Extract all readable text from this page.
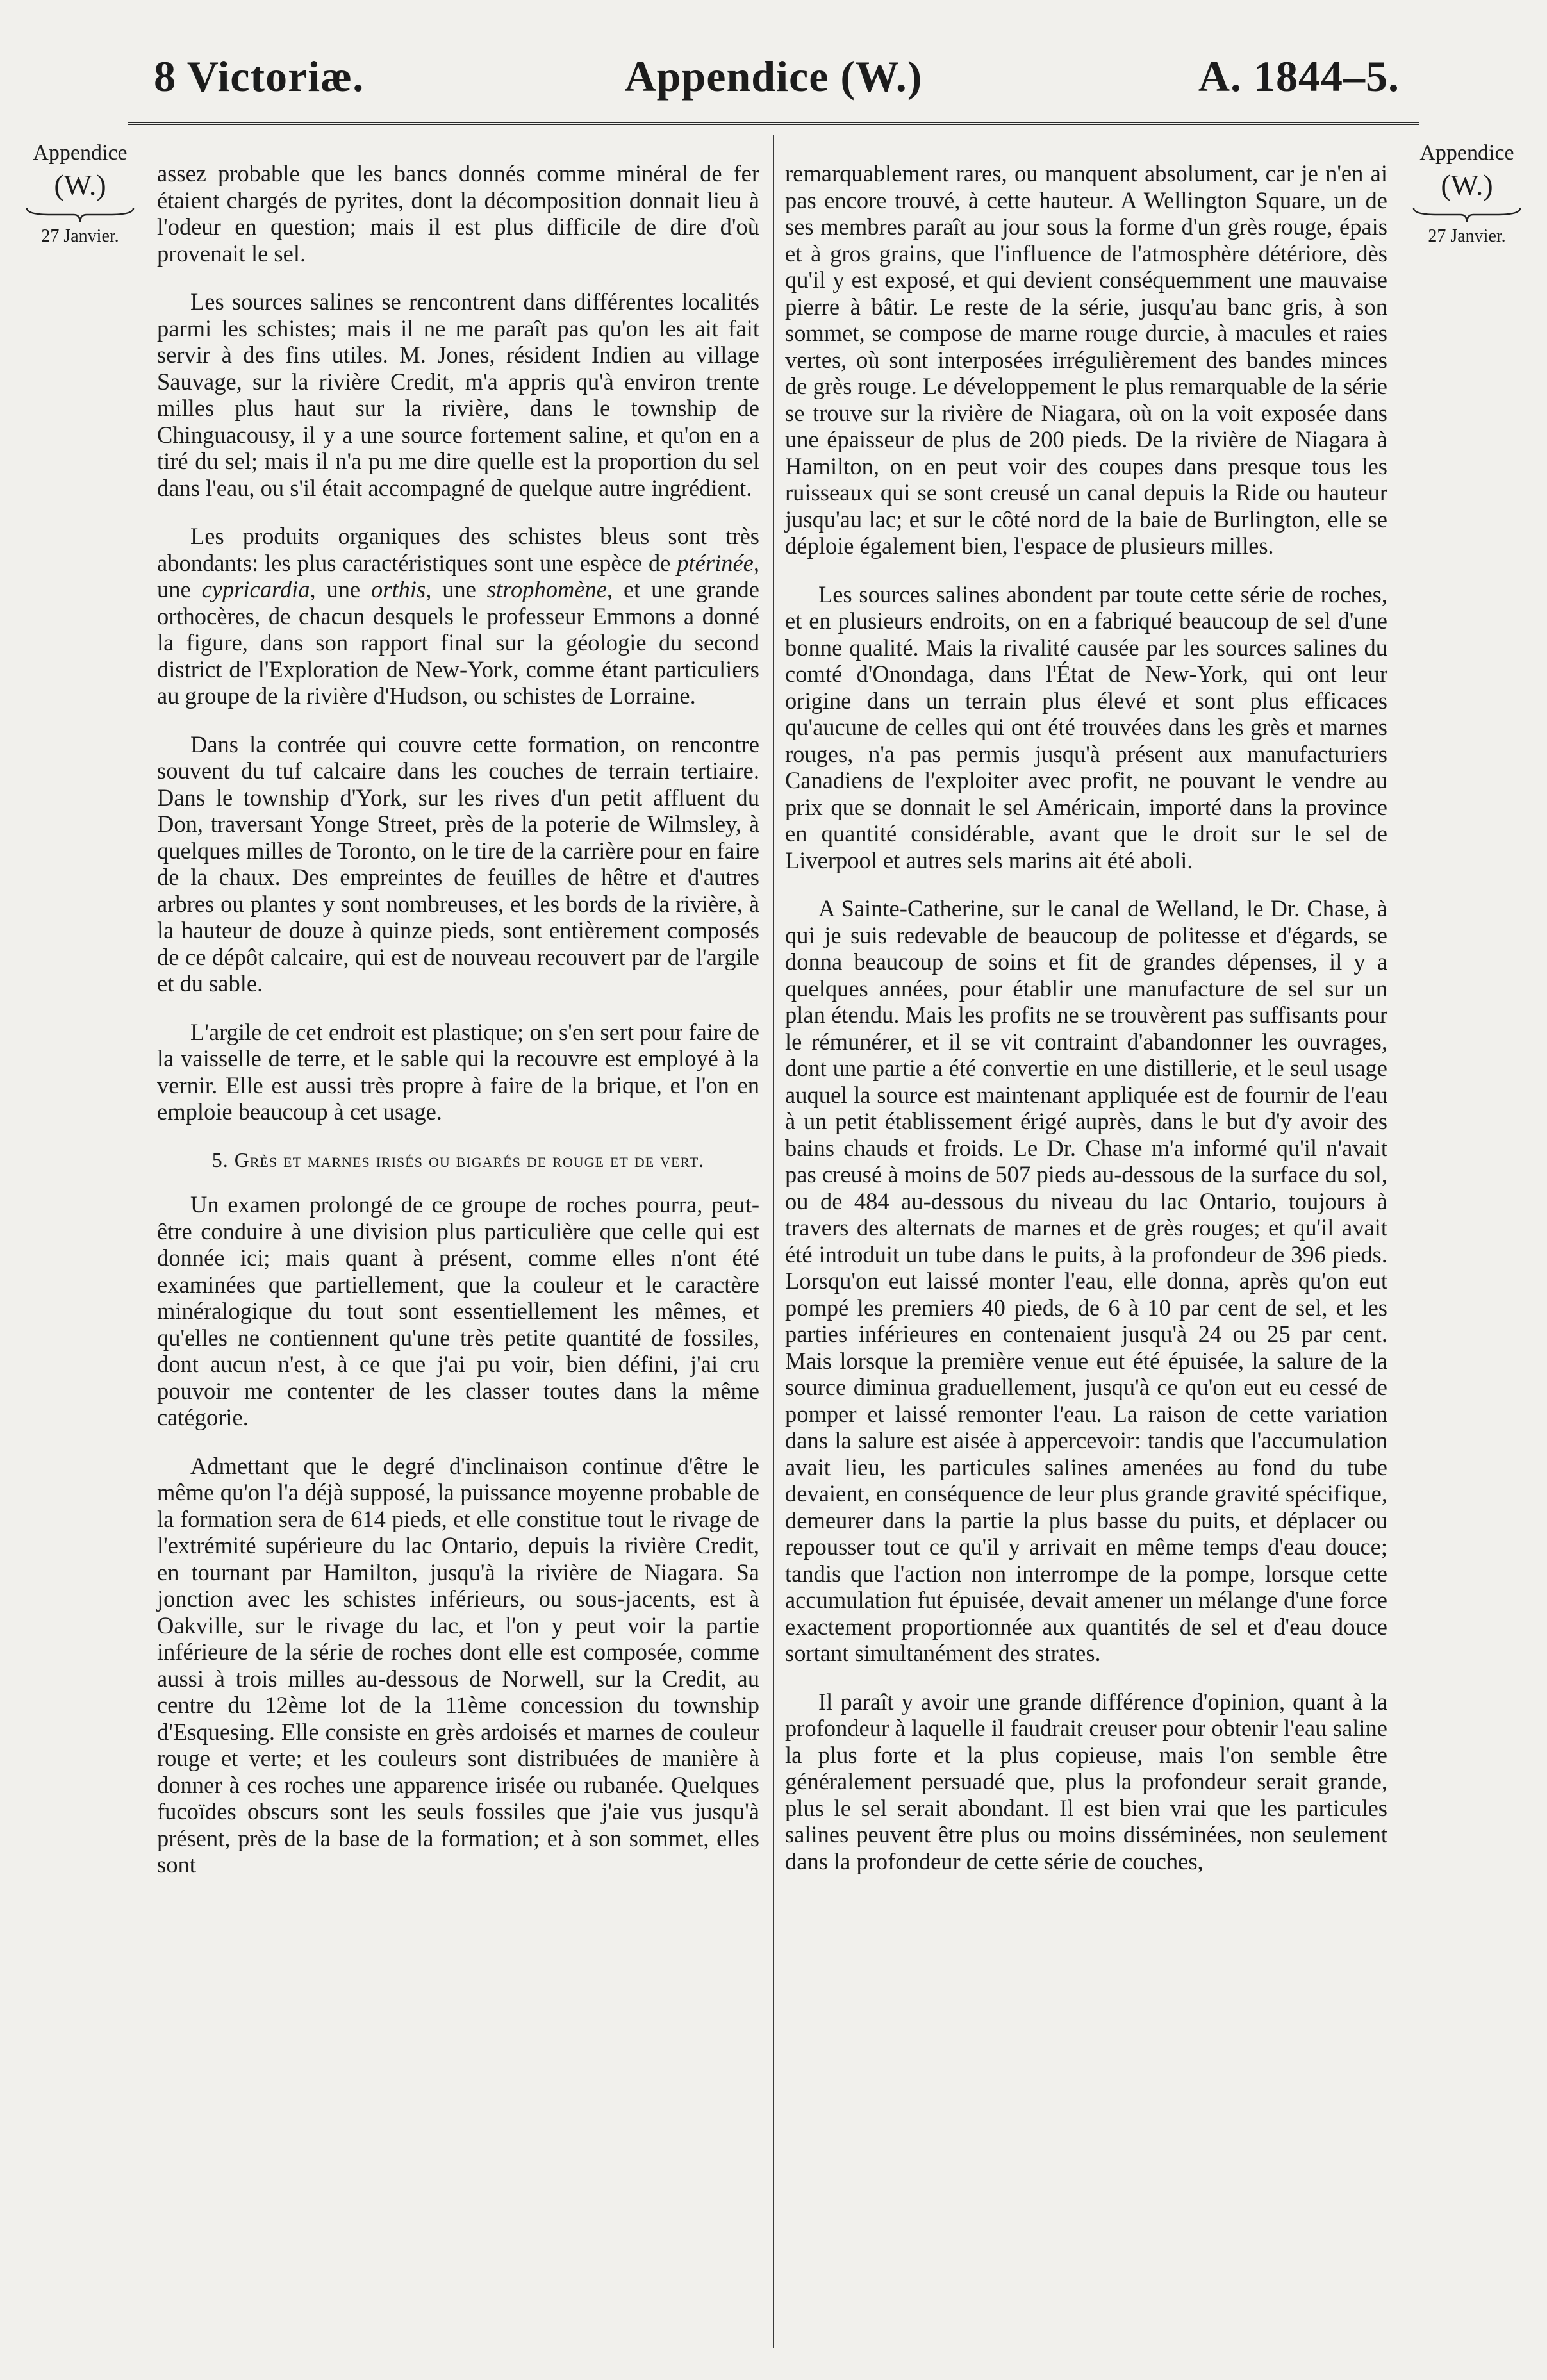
8 Victoriæ.	Appendice (W.)	A. 1844–5.
Appendice
(W.)
27 Janvier.
Appendice
(W.)
27 Janvier.

assez probable que les bancs donnés comme minéral de fer étaient chargés de pyrites, dont la décomposition donnait lieu à l'odeur en question; mais il est plus difficile de dire d'où provenait le sel.

Les sources salines se rencontrent dans différentes localités parmi les schistes; mais il ne me paraît pas qu'on les ait fait servir à des fins utiles. M. Jones, résident Indien au village Sauvage, sur la rivière Credit, m'a appris qu'à environ trente milles plus haut sur la rivière, dans le township de Chinguacousy, il y a une source fortement saline, et qu'on en a tiré du sel; mais il n'a pu me dire quelle est la proportion du sel dans l'eau, ou s'il était accompagné de quelque autre ingrédient.

Les produits organiques des schistes bleus sont très abondants: les plus caractéristiques sont une espèce de ptérinée, une cypricardia, une orthis, une strophomène, et une grande orthocères, de chacun desquels le professeur Emmons a donné la figure, dans son rapport final sur la géologie du second district de l'Exploration de New-York, comme étant particuliers au groupe de la rivière d'Hudson, ou schistes de Lorraine.

Dans la contrée qui couvre cette formation, on rencontre souvent du tuf calcaire dans les couches de terrain tertiaire. Dans le township d'York, sur les rives d'un petit affluent du Don, traversant Yonge Street, près de la poterie de Wilmsley, à quelques milles de Toronto, on le tire de la carrière pour en faire de la chaux. Des empreintes de feuilles de hêtre et d'autres arbres ou plantes y sont nombreuses, et les bords de la rivière, à la hauteur de douze à quinze pieds, sont entièrement composés de ce dépôt calcaire, qui est de nouveau recouvert par de l'argile et du sable.

L'argile de cet endroit est plastique; on s'en sert pour faire de la vaisselle de terre, et le sable qui la recouvre est employé à la vernir. Elle est aussi très propre à faire de la brique, et l'on en emploie beaucoup à cet usage.

5. Grès et marnes irisés ou bigarés de rouge et de vert.

Un examen prolongé de ce groupe de roches pourra, peut-être conduire à une division plus particulière que celle qui est donnée ici; mais quant à présent, comme elles n'ont été examinées que partiellement, que la couleur et le caractère minéralogique du tout sont essentiellement les mêmes, et qu'elles ne contiennent qu'une très petite quantité de fossiles, dont aucun n'est, à ce que j'ai pu voir, bien défini, j'ai cru pouvoir me contenter de les classer toutes dans la même catégorie.

Admettant que le degré d'inclinaison continue d'être le même qu'on l'a déjà supposé, la puissance moyenne probable de la formation sera de 614 pieds, et elle constitue tout le rivage de l'extrémité supérieure du lac Ontario, depuis la rivière Credit, en tournant par Hamilton, jusqu'à la rivière de Niagara. Sa jonction avec les schistes inférieurs, ou sous-jacents, est à Oakville, sur le rivage du lac, et l'on y peut voir la partie inférieure de la série de roches dont elle est composée, comme aussi à trois milles au-dessous de Norwell, sur la Credit, au centre du 12ème lot de la 11ème concession du township d'Esquesing. Elle consiste en grès ardoisés et marnes de couleur rouge et verte; et les couleurs sont distribuées de manière à donner à ces roches une apparence irisée ou rubanée. Quelques fucoïdes obscurs sont les seuls fossiles que j'aie vus jusqu'à présent, près de la base de la formation; et à son sommet, elles sont

remarquablement rares, ou manquent absolument, car je n'en ai pas encore trouvé, à cette hauteur. A Wellington Square, un de ses membres paraît au jour sous la forme d'un grès rouge, épais et à gros grains, que l'influence de l'atmosphère détériore, dès qu'il y est exposé, et qui devient conséquemment une mauvaise pierre à bâtir. Le reste de la série, jusqu'au banc gris, à son sommet, se compose de marne rouge durcie, à macules et raies vertes, où sont interposées irrégulièrement des bandes minces de grès rouge. Le développement le plus remarquable de la série se trouve sur la rivière de Niagara, où on la voit exposée dans une épaisseur de plus de 200 pieds. De la rivière de Niagara à Hamilton, on en peut voir des coupes dans presque tous les ruisseaux qui se sont creusé un canal depuis la Ride ou hauteur jusqu'au lac; et sur le côté nord de la baie de Burlington, elle se déploie également bien, l'espace de plusieurs milles.

Les sources salines abondent par toute cette série de roches, et en plusieurs endroits, on en a fabriqué beaucoup de sel d'une bonne qualité. Mais la rivalité causée par les sources salines du comté d'Onondaga, dans l'État de New-York, qui ont leur origine dans un terrain plus élevé et sont plus efficaces qu'aucune de celles qui ont été trouvées dans les grès et marnes rouges, n'a pas permis jusqu'à présent aux manufacturiers Canadiens de l'exploiter avec profit, ne pouvant le vendre au prix que se donnait le sel Américain, importé dans la province en quantité considérable, avant que le droit sur le sel de Liverpool et autres sels marins ait été aboli.

A Sainte-Catherine, sur le canal de Welland, le Dr. Chase, à qui je suis redevable de beaucoup de politesse et d'égards, se donna beaucoup de soins et fit de grandes dépenses, il y a quelques années, pour établir une manufacture de sel sur un plan étendu. Mais les profits ne se trouvèrent pas suffisants pour le rémunérer, et il se vit contraint d'abandonner les ouvrages, dont une partie a été convertie en une distillerie, et le seul usage auquel la source est maintenant appliquée est de fournir de l'eau à un petit établissement érigé auprès, dans le but d'y avoir des bains chauds et froids. Le Dr. Chase m'a informé qu'il n'avait pas creusé à moins de 507 pieds au-dessous de la surface du sol, ou de 484 au-dessous du niveau du lac Ontario, toujours à travers des alternats de marnes et de grès rouges; et qu'il avait été introduit un tube dans le puits, à la profondeur de 396 pieds. Lorsqu'on eut laissé monter l'eau, elle donna, après qu'on eut pompé les premiers 40 pieds, de 6 à 10 par cent de sel, et les parties inférieures en contenaient jusqu'à 24 ou 25 par cent. Mais lorsque la première venue eut été épuisée, la salure de la source diminua graduellement, jusqu'à ce qu'on eut eu cessé de pomper et laissé remonter l'eau. La raison de cette variation dans la salure est aisée à appercevoir: tandis que l'accumulation avait lieu, les particules salines amenées au fond du tube devaient, en conséquence de leur plus grande gravité spécifique, demeurer dans la partie la plus basse du puits, et déplacer ou repousser tout ce qu'il y arrivait en même temps d'eau douce; tandis que l'action non interrompe de la pompe, lorsque cette accumulation fut épuisée, devait amener un mélange d'une force exactement proportionnée aux quantités de sel et d'eau douce sortant simultanément des strates.

Il paraît y avoir une grande différence d'opinion, quant à la profondeur à laquelle il faudrait creuser pour obtenir l'eau saline la plus forte et la plus copieuse, mais l'on semble être généralement persuadé que, plus la profondeur serait grande, plus le sel serait abondant. Il est bien vrai que les particules salines peuvent être plus ou moins disséminées, non seulement dans la profondeur de cette série de couches,
